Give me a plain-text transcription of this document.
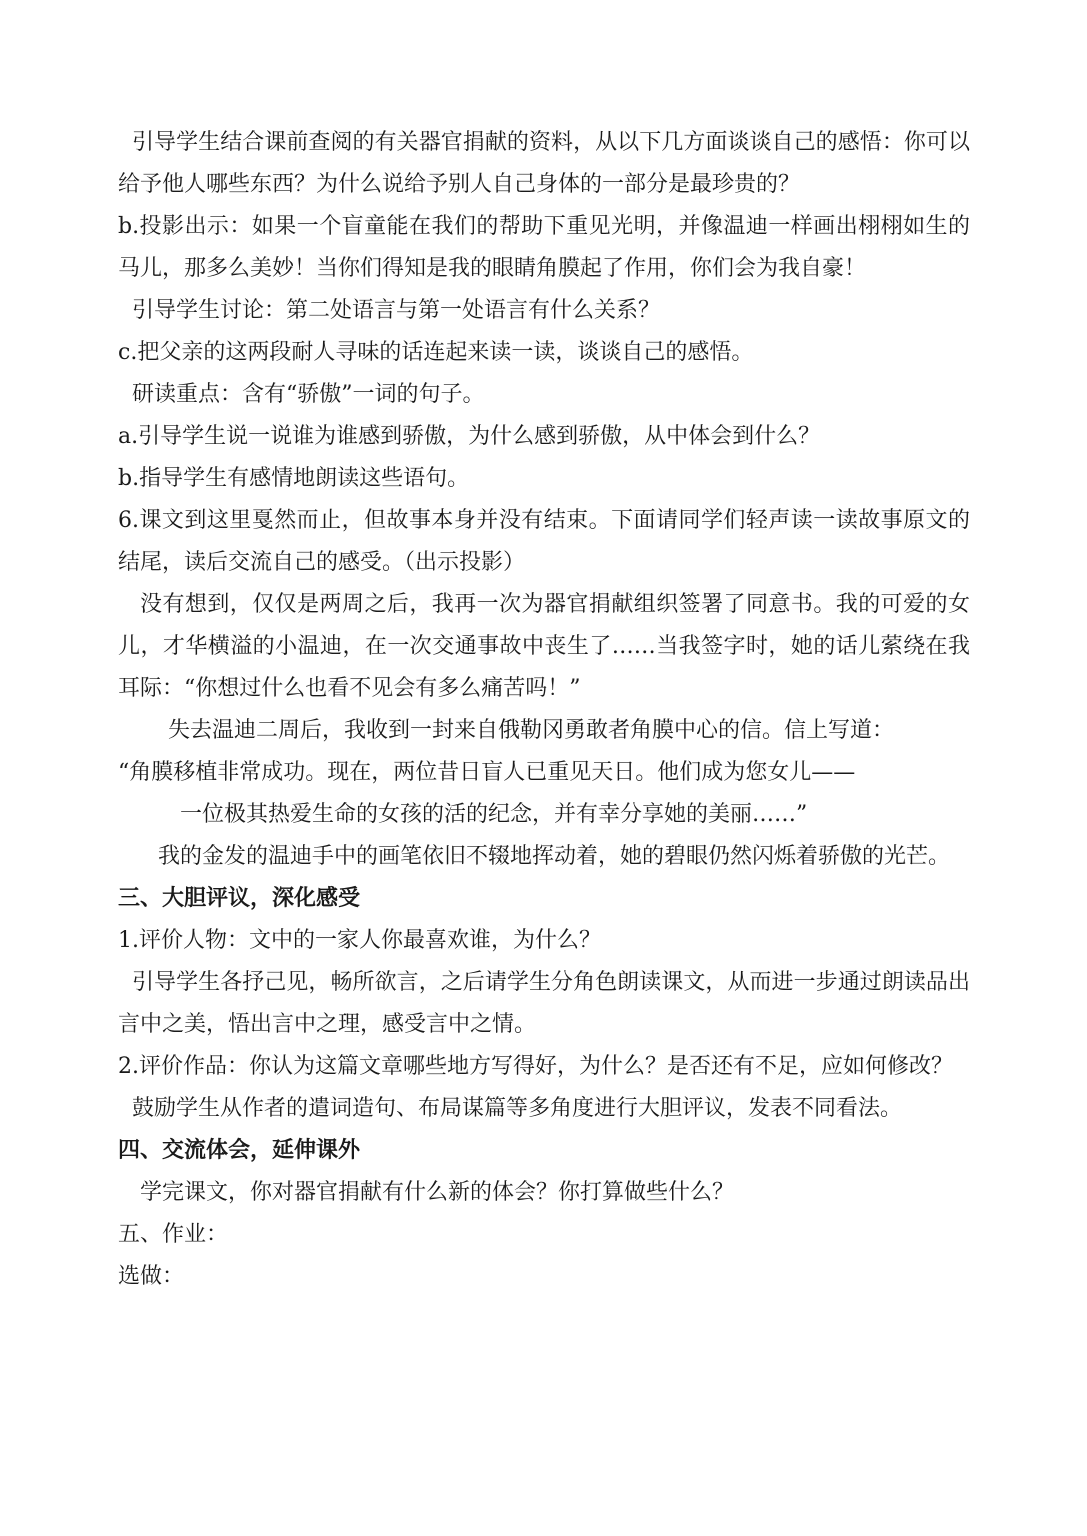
引导学生结合课前查阅的有关器官捐献的资料，从以下几方面谈谈自己的感悟：你可以给予他人哪些东西？为什么说给予别人自己身体的一部分是最珍贵的？

b.投影出示：如果一个盲童能在我们的帮助下重见光明，并像温迪一样画出栩栩如生的马儿，那多么美妙！当你们得知是我的眼睛角膜起了作用，你们会为我自豪！

引导学生讨论：第二处语言与第一处语言有什么关系？

c.把父亲的这两段耐人寻味的话连起来读一读，谈谈自己的感悟。

研读重点：含有“骄傲”一词的句子。

a.引导学生说一说谁为谁感到骄傲，为什么感到骄傲，从中体会到什么？

b.指导学生有感情地朗读这些语句。

6.课文到这里戛然而止，但故事本身并没有结束。下面请同学们轻声读一读故事原文的结尾，读后交流自己的感受。（出示投影）

没有想到，仅仅是两周之后，我再一次为器官捐献组织签署了同意书。我的可爱的女儿，才华横溢的小温迪，在一次交通事故中丧生了……当我签字时，她的话儿萦绕在我耳际：“你想过什么也看不见会有多么痛苦吗！”

失去温迪二周后，我收到一封来自俄勒冈勇敢者角膜中心的信。信上写道：

“角膜移植非常成功。现在，两位昔日盲人已重见天日。他们成为您女儿——

一位极其热爱生命的女孩的活的纪念，并有幸分享她的美丽……”

我的金发的温迪手中的画笔依旧不辍地挥动着，她的碧眼仍然闪烁着骄傲的光芒。

三、大胆评议，深化感受

1.评价人物：文中的一家人你最喜欢谁，为什么？

引导学生各抒己见，畅所欲言，之后请学生分角色朗读课文，从而进一步通过朗读品出言中之美，悟出言中之理，感受言中之情。

2.评价作品：你认为这篇文章哪些地方写得好，为什么？是否还有不足，应如何修改？

鼓励学生从作者的遣词造句、布局谋篇等多角度进行大胆评议，发表不同看法。

四、交流体会，延伸课外

学完课文，你对器官捐献有什么新的体会？你打算做些什么？

五、作业：

选做：
